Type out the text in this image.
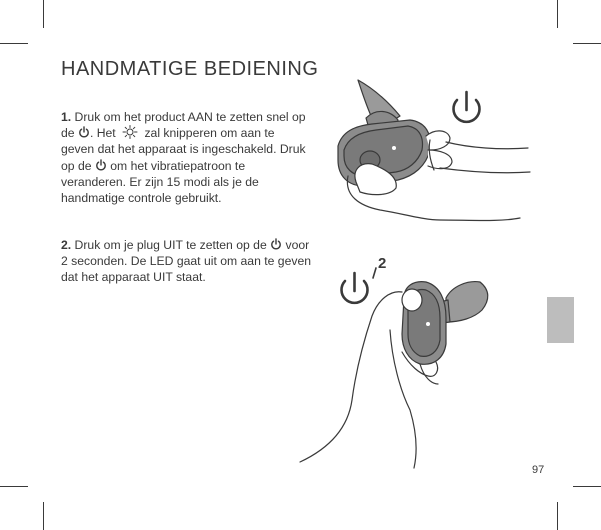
HANDMATIGE BEDIENING

1. Druk om het product AAN te zetten snel op de . Het  zal knipperen om aan te geven dat het apparaat is ingeschakeld. Druk op de  om het vibratiepatroon te veranderen. Er zijn 15 modi als je de handmatige controle gebruikt.

2. Druk om je plug UIT te zetten op de  voor 2 seconden. De LED gaat uit om aan te geven dat het apparaat UIT staat.

2
97
